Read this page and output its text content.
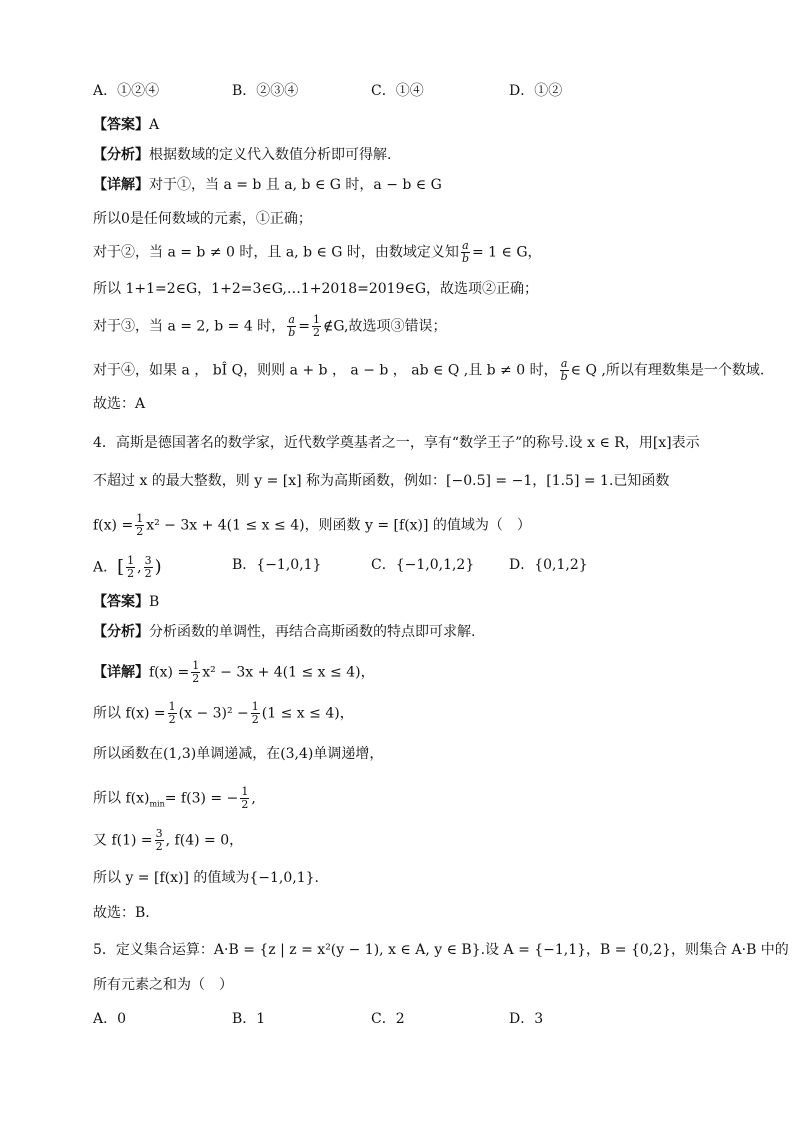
A．①②④	B．②③④	C．①④	D．①②
【答案】A
【分析】根据数域的定义代入数值分析即可得解.
【详解】对于①，当 a = b 且 a, b ∈ G 时，a − b ∈ G
所以0是任何数域的元素，①正确；
对于②，当 a = b ≠ 0 时，且 a, b ∈ G 时，由数域定义知 $\frac{a}{b} = 1$ ∈ G，
所以 1+1=2∈G，1+2=3∈G,…1+2018=2019∈G，故选项②正确；
对于③，当 a = 2, b = 4 时， $\frac{a}{b} = \frac{1}{2}$ ∉G,故选项③错误；
对于④，如果 a ， bÎ Q，则则 a + b ， a − b ， ab ∈ Q ,且 b ≠ 0 时， $\frac{a}{b}$ ∈ Q ,所以有理数集是一个数域.
故选：A
4．高斯是德国著名的数学家，近代数学奠基者之一，享有“数学王子”的称号.设 x ∈ R，用[x]表示
不超过 x 的最大整数，则 y = [x] 称为高斯函数，例如：[−0.5] = −1，[1.5] = 1.已知函数
$f(x) = \frac{1}{2} x^2 - 3x + 4(1 \le x \le 4)$，则函数 y = [f(x)] 的值域为（　）
A．[ $\frac{1}{2}$ , $\frac{3}{2}$ )	B．{−1,0,1}	C．{−1,0,1,2} D．{0,1,2}
【答案】B
【分析】分析函数的单调性，再结合高斯函数的特点即可求解.
【详解】$f(x) = \frac{1}{2} x^2 - 3x + 4(1 \le x \le 4)$，
所以 $f(x) = \frac{1}{2} (x - 3)^2 - \frac{1}{2} (1 \le x \le 4)$，
所以函数在(1,3)单调递减，在(3,4)单调递增，
所以 $f(x)_{min}= f(3)$ = − $\frac{1}{2}$ ,
又 $f(1) = \frac{3}{2}$ , f(4) = 0，
所以 y = [f(x)] 的值域为{−1,0,1}.
故选：B.
5．定义集合运算：A·B = {z | z = x²(y − 1), x ∈ A, y ∈ B}.设 A = {−1,1}，B = {0,2}，则集合 A·B 中的
所有元素之和为（　）
A．0	B．1	C．2	D．3
